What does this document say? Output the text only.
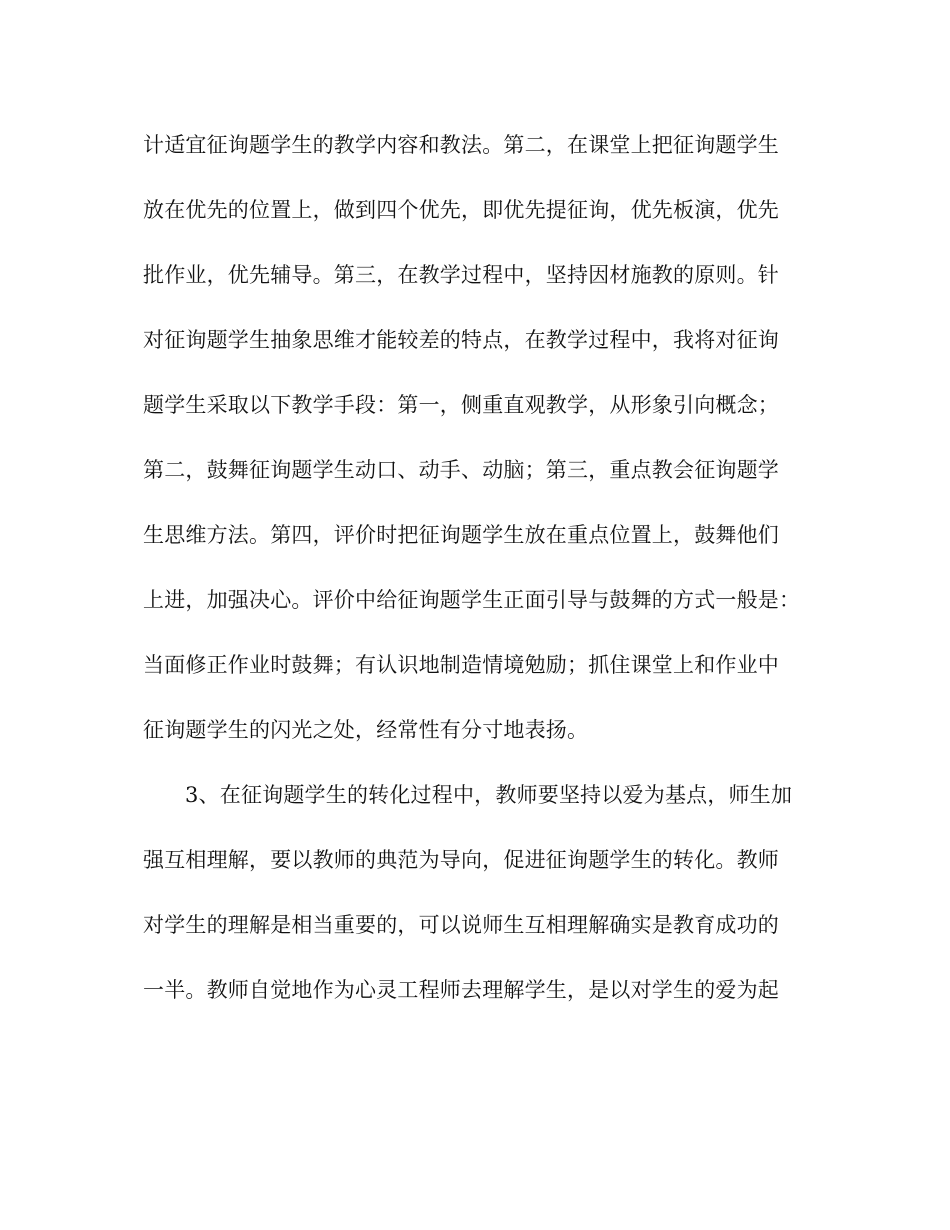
计适宜征询题学生的教学内容和教法。第二，在课堂上把征询题学生
放在优先的位置上，做到四个优先，即优先提征询，优先板演，优先
批作业，优先辅导。第三，在教学过程中，坚持因材施教的原则。针
对征询题学生抽象思维才能较差的特点，在教学过程中，我将对征询
题学生采取以下教学手段：第一，侧重直观教学，从形象引向概念；
第二，鼓舞征询题学生动口、动手、动脑；第三，重点教会征询题学
生思维方法。第四，评价时把征询题学生放在重点位置上，鼓舞他们
上进，加强决心。评价中给征询题学生正面引导与鼓舞的方式一般是：
当面修正作业时鼓舞；有认识地制造情境勉励；抓住课堂上和作业中
征询题学生的闪光之处，经常性有分寸地表扬。
3、在征询题学生的转化过程中，教师要坚持以爱为基点，师生加
强互相理解，要以教师的典范为导向，促进征询题学生的转化。教师
对学生的理解是相当重要的，可以说师生互相理解确实是教育成功的
一半。教师自觉地作为心灵工程师去理解学生，是以对学生的爱为起
